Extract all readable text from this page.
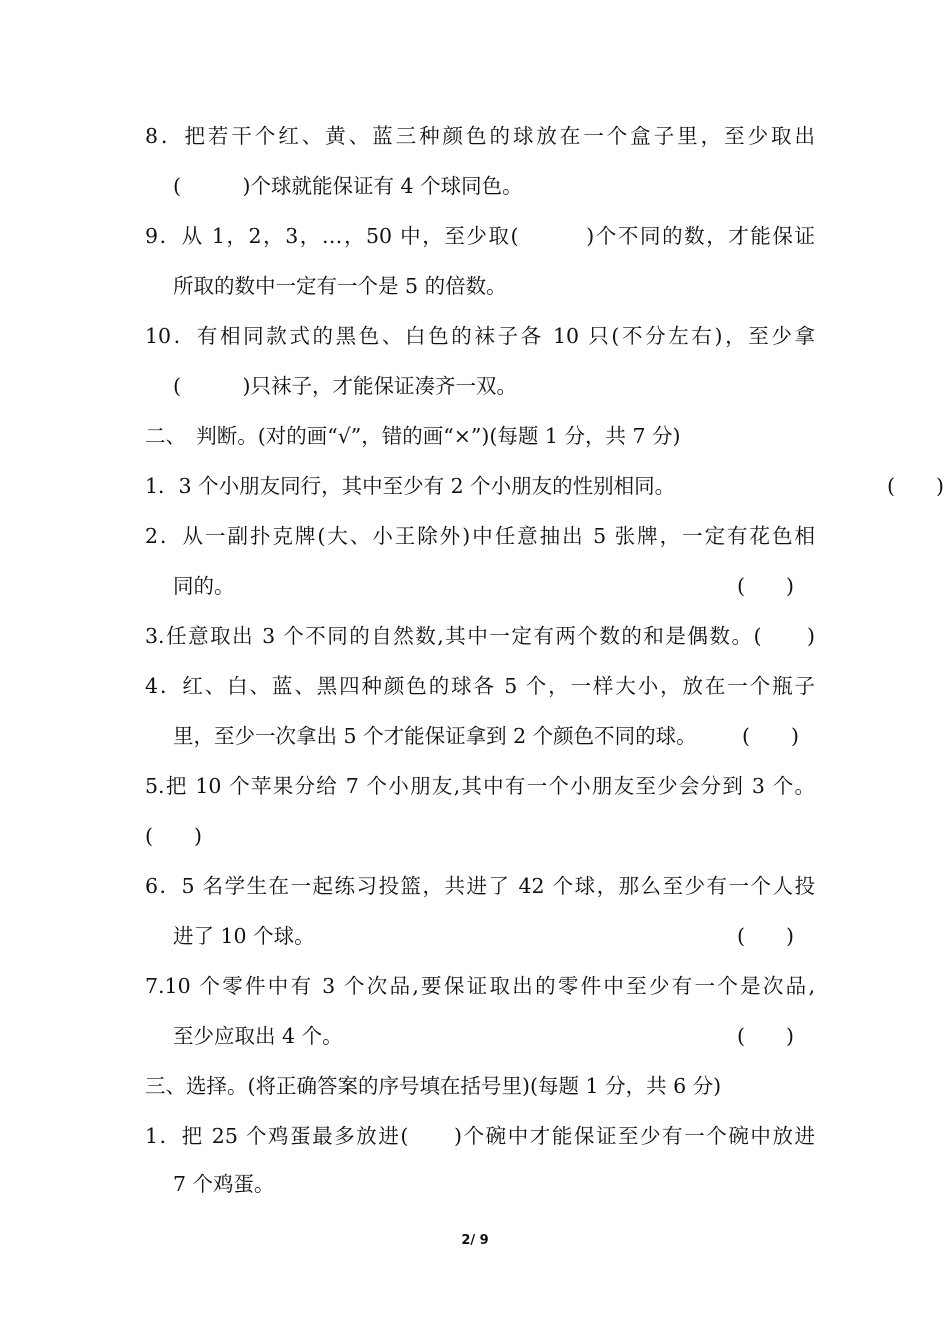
8．把若干个红、黄、蓝三种颜色的球放在一个盒子里，至少取出
(　　　)个球就能保证有 4 个球同色。
9．从 1，2，3，…，50 中，至少取(　　　)个不同的数，才能保证
所取的数中一定有一个是 5 的倍数。
10．有相同款式的黑色、白色的袜子各 10 只(不分左右)，至少拿
(　　　)只袜子，才能保证凑齐一双。
二、　判断。(对的画“√”，错的画“×”)(每题 1 分，共 7 分)
1．3 个小朋友同行，其中至少有 2 个小朋友的性别相同。	(　　)
2．从一副扑克牌(大、小王除外)中任意抽出 5 张牌，一定有花色相
同的。	(　　)
3.任意取出 3 个不同的自然数,其中一定有两个数的和是偶数。(　　)
4．红、白、蓝、黑四种颜色的球各 5 个，一样大小，放在一个瓶子
里，至少一次拿出 5 个才能保证拿到 2 个颜色不同的球。 (　　)
5.把 10 个苹果分给 7 个小朋友,其中有一个小朋友至少会分到 3 个。
(　　)
6．5 名学生在一起练习投篮，共进了 42 个球，那么至少有一个人投
进了 10 个球。	(　　)
7.10 个零件中有 3 个次品,要保证取出的零件中至少有一个是次品,
至少应取出 4 个。	(　　)
三、选择。(将正确答案的序号填在括号里)(每题 1 分，共 6 分)
1．把 25 个鸡蛋最多放进(　　)个碗中才能保证至少有一个碗中放进
7 个鸡蛋。
2/ 9
